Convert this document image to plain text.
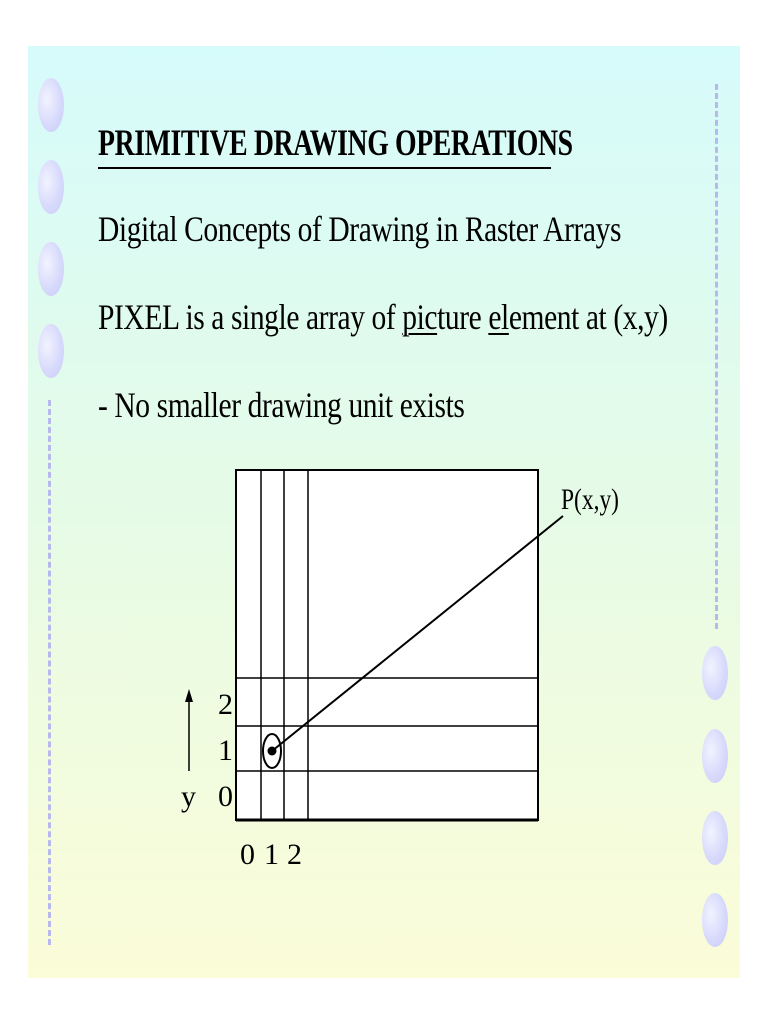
PRIMITIVE DRAWING OPERATIONS
Digital Concepts of Drawing in Raster Arrays
PIXEL is a single array of picture element at (x,y)
- No smaller drawing unit exists
P(x,y)
2
1
0
0 1 2
y
